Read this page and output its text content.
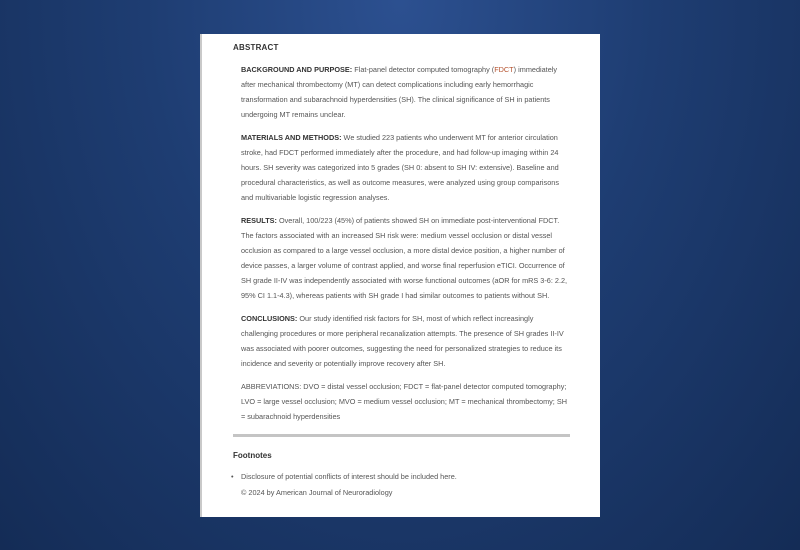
ABSTRACT

BACKGROUND AND PURPOSE: Flat-panel detector computed tomography (FDCT) immediately after mechanical thrombectomy (MT) can detect complications including early hemorrhagic transformation and subarachnoid hyperdensities (SH). The clinical significance of SH in patients undergoing MT remains unclear.

MATERIALS AND METHODS: We studied 223 patients who underwent MT for anterior circulation stroke, had FDCT performed immediately after the procedure, and had follow-up imaging within 24 hours. SH severity was categorized into 5 grades (SH 0: absent to SH IV: extensive). Baseline and procedural characteristics, as well as outcome measures, were analyzed using group comparisons and multivariable logistic regression analyses.

RESULTS: Overall, 100/223 (45%) of patients showed SH on immediate post-interventional FDCT. The factors associated with an increased SH risk were: medium vessel occlusion or distal vessel occlusion as compared to a large vessel occlusion, a more distal device position, a higher number of device passes, a larger volume of contrast applied, and worse final reperfusion eTICI. Occurrence of SH grade II-IV was independently associated with worse functional outcomes (aOR for mRS 3-6: 2.2, 95% CI 1.1-4.3), whereas patients with SH grade I had similar outcomes to patients without SH.

CONCLUSIONS: Our study identified risk factors for SH, most of which reflect increasingly challenging procedures or more peripheral recanalization attempts. The presence of SH grades II-IV was associated with poorer outcomes, suggesting the need for personalized strategies to reduce its incidence and severity or potentially improve recovery after SH.

ABBREVIATIONS: DVO = distal vessel occlusion; FDCT = flat-panel detector computed tomography; LVO = large vessel occlusion; MVO = medium vessel occlusion; MT = mechanical thrombectomy; SH = subarachnoid hyperdensities

Footnotes
• Disclosure of potential conflicts of interest should be included here.
© 2024 by American Journal of Neuroradiology
